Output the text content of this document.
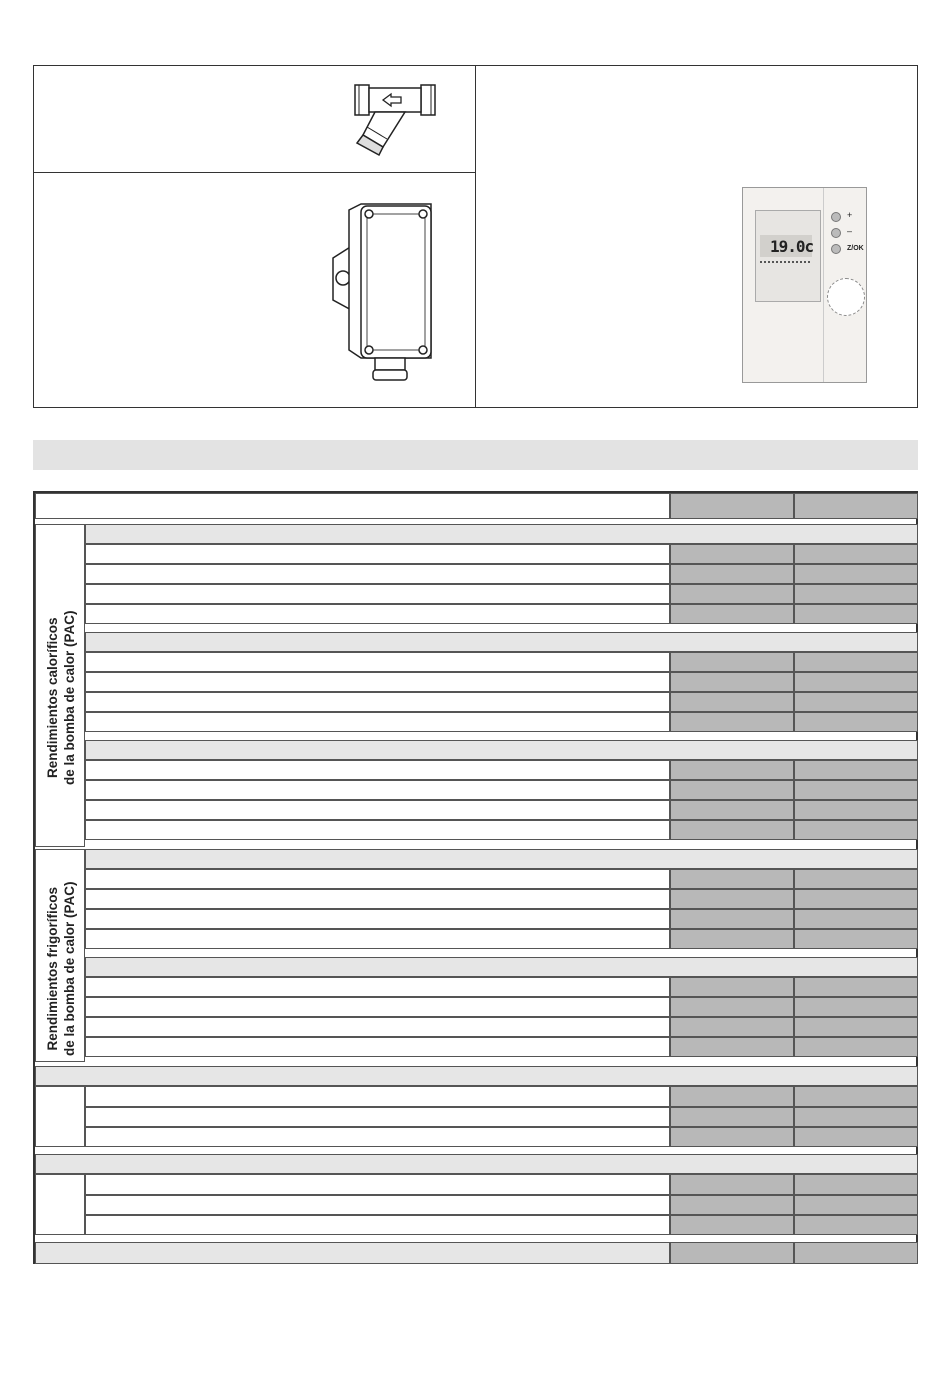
19.0c
+
–
Z/OK
Rendimientos caloríficos de la bomba de calor (PAC)
Rendimientos frigoríficos de la bomba de calor (PAC)
